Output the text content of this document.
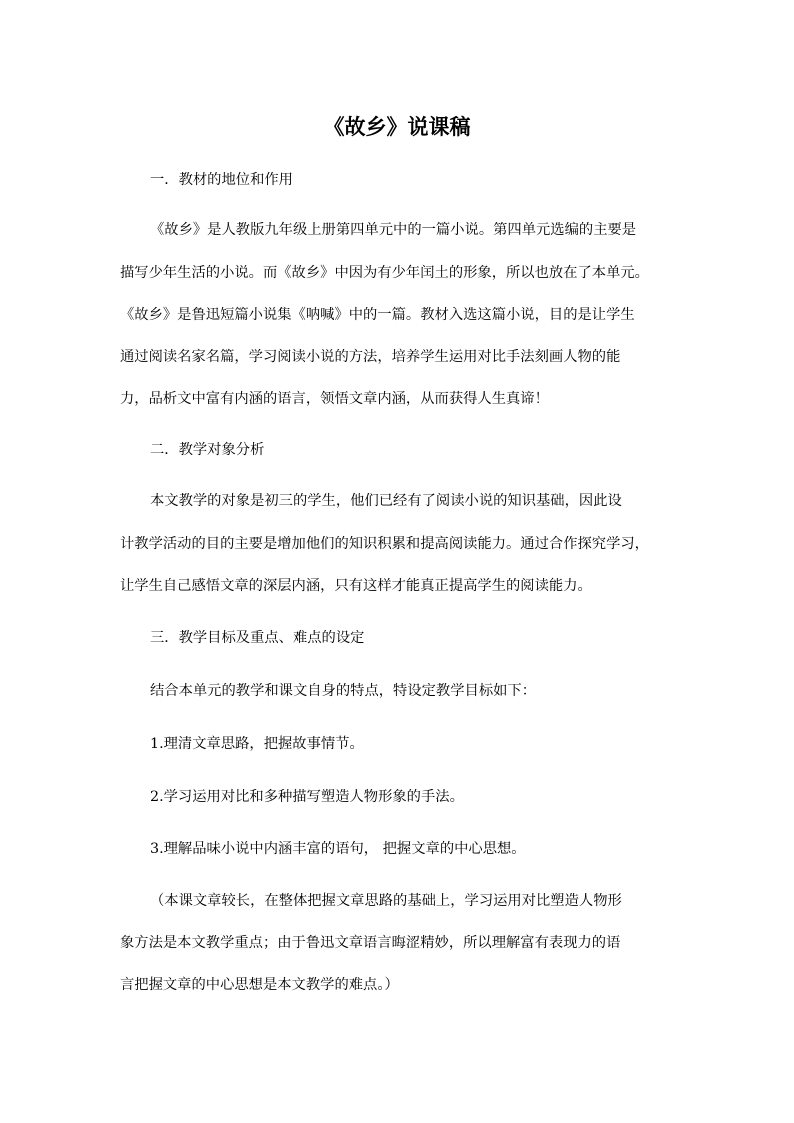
《故乡》说课稿

一．教材的地位和作用

《故乡》是人教版九年级上册第四单元中的一篇小说。第四单元选编的主要是

描写少年生活的小说。而《故乡》中因为有少年闰土的形象，所以也放在了本单元。

《故乡》是鲁迅短篇小说集《呐喊》中的一篇。教材入选这篇小说，目的是让学生

通过阅读名家名篇，学习阅读小说的方法，培养学生运用对比手法刻画人物的能

力，品析文中富有内涵的语言，领悟文章内涵，从而获得人生真谛！

二．教学对象分析

本文教学的对象是初三的学生，他们已经有了阅读小说的知识基础，因此设

计教学活动的目的主要是增加他们的知识积累和提高阅读能力。通过合作探究学习，

让学生自己感悟文章的深层内涵，只有这样才能真正提高学生的阅读能力。

三．教学目标及重点、难点的设定

结合本单元的教学和课文自身的特点，特设定教学目标如下：

1.理清文章思路，把握故事情节。

2.学习运用对比和多种描写塑造人物形象的手法。

3.理解品味小说中内涵丰富的语句， 把握文章的中心思想。

（本课文章较长，在整体把握文章思路的基础上，学习运用对比塑造人物形

象方法是本文教学重点；由于鲁迅文章语言晦涩精妙，所以理解富有表现力的语

言把握文章的中心思想是本文教学的难点。）
